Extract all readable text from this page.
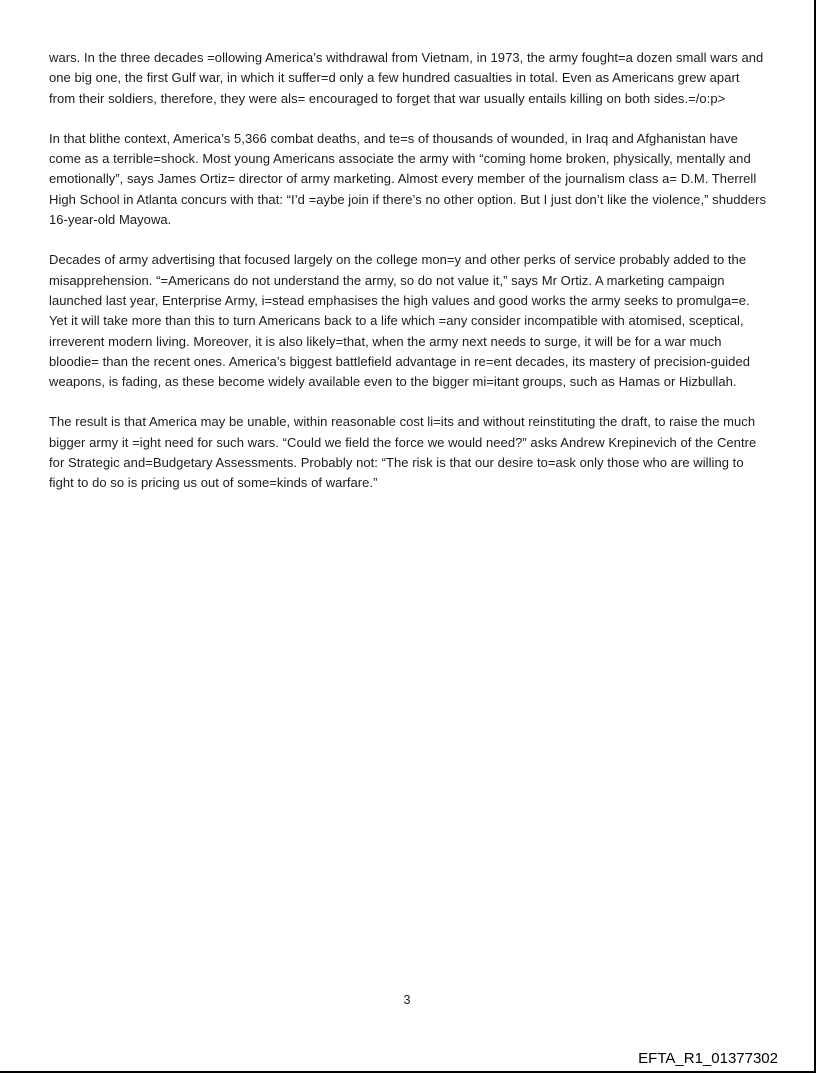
wars. In the three decades =ollowing America’s withdrawal from Vietnam, in 1973, the army fought=a dozen small wars and one big one, the first Gulf war, in which it suffer=d only a few hundred casualties in total. Even as Americans grew apart from their soldiers, therefore, they were als= encouraged to forget that war usually entails killing on both sides.=/o:p>

In that blithe context, America’s 5,366 combat deaths, and te=s of thousands of wounded, in Iraq and Afghanistan have come as a terrible=shock. Most young Americans associate the army with “coming home broken, physically, mentally and emotionally”, says James Ortiz= director of army marketing. Almost every member of the journalism class a= D.M. Therrell High School in Atlanta concurs with that: “I’d =aybe join if there’s no other option. But I just don’t like the violence,” shudders 16-year-old Mayowa.

Decades of army advertising that focused largely on the college mon=y and other perks of service probably added to the misapprehension. “=Americans do not understand the army, so do not value it,” says Mr Ortiz. A marketing campaign launched last year, Enterprise Army, i=stead emphasises the high values and good works the army seeks to promulga=e. Yet it will take more than this to turn Americans back to a life which =any consider incompatible with atomised, sceptical, irreverent modern living. Moreover, it is also likely=that, when the army next needs to surge, it will be for a war much bloodie= than the recent ones. America’s biggest battlefield advantage in re=ent decades, its mastery of precision-guided weapons, is fading, as these become widely available even to the bigger mi=itant groups, such as Hamas or Hizbullah.

The result is that America may be unable, within reasonable cost li=its and without reinstituting the draft, to raise the much bigger army it =ight need for such wars. “Could we field the force we would need?” asks Andrew Krepinevich of the Centre for Strategic and=Budgetary Assessments. Probably not: “The risk is that our desire to=ask only those who are willing to fight to do so is pricing us out of some=kinds of warfare.”

3
EFTA_R1_01377302
